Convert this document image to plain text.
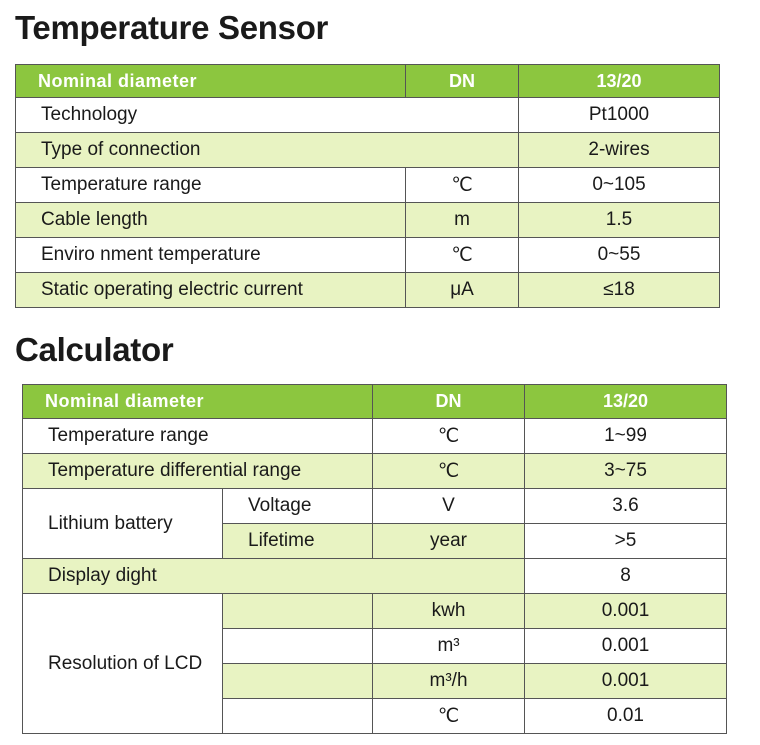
Temperature Sensor
Nominal diameter	DN	13/20
Technology		Pt1000
Type of connection		2-wires
Temperature range	℃	0~105
Cable length	m	1.5
Enviro nment temperature	℃	0~55
Static operating electric current	μA	≤18
Calculator
Nominal diameter		DN	13/20
Temperature range		℃	1~99
Temperature differential range		℃	3~75
Lithium battery	Voltage	V	3.6
	Lifetime	year	>5
Display dight			8
Resolution of LCD		kwh	0.001
		m³	0.001
		m³/h	0.001
		℃	0.01
